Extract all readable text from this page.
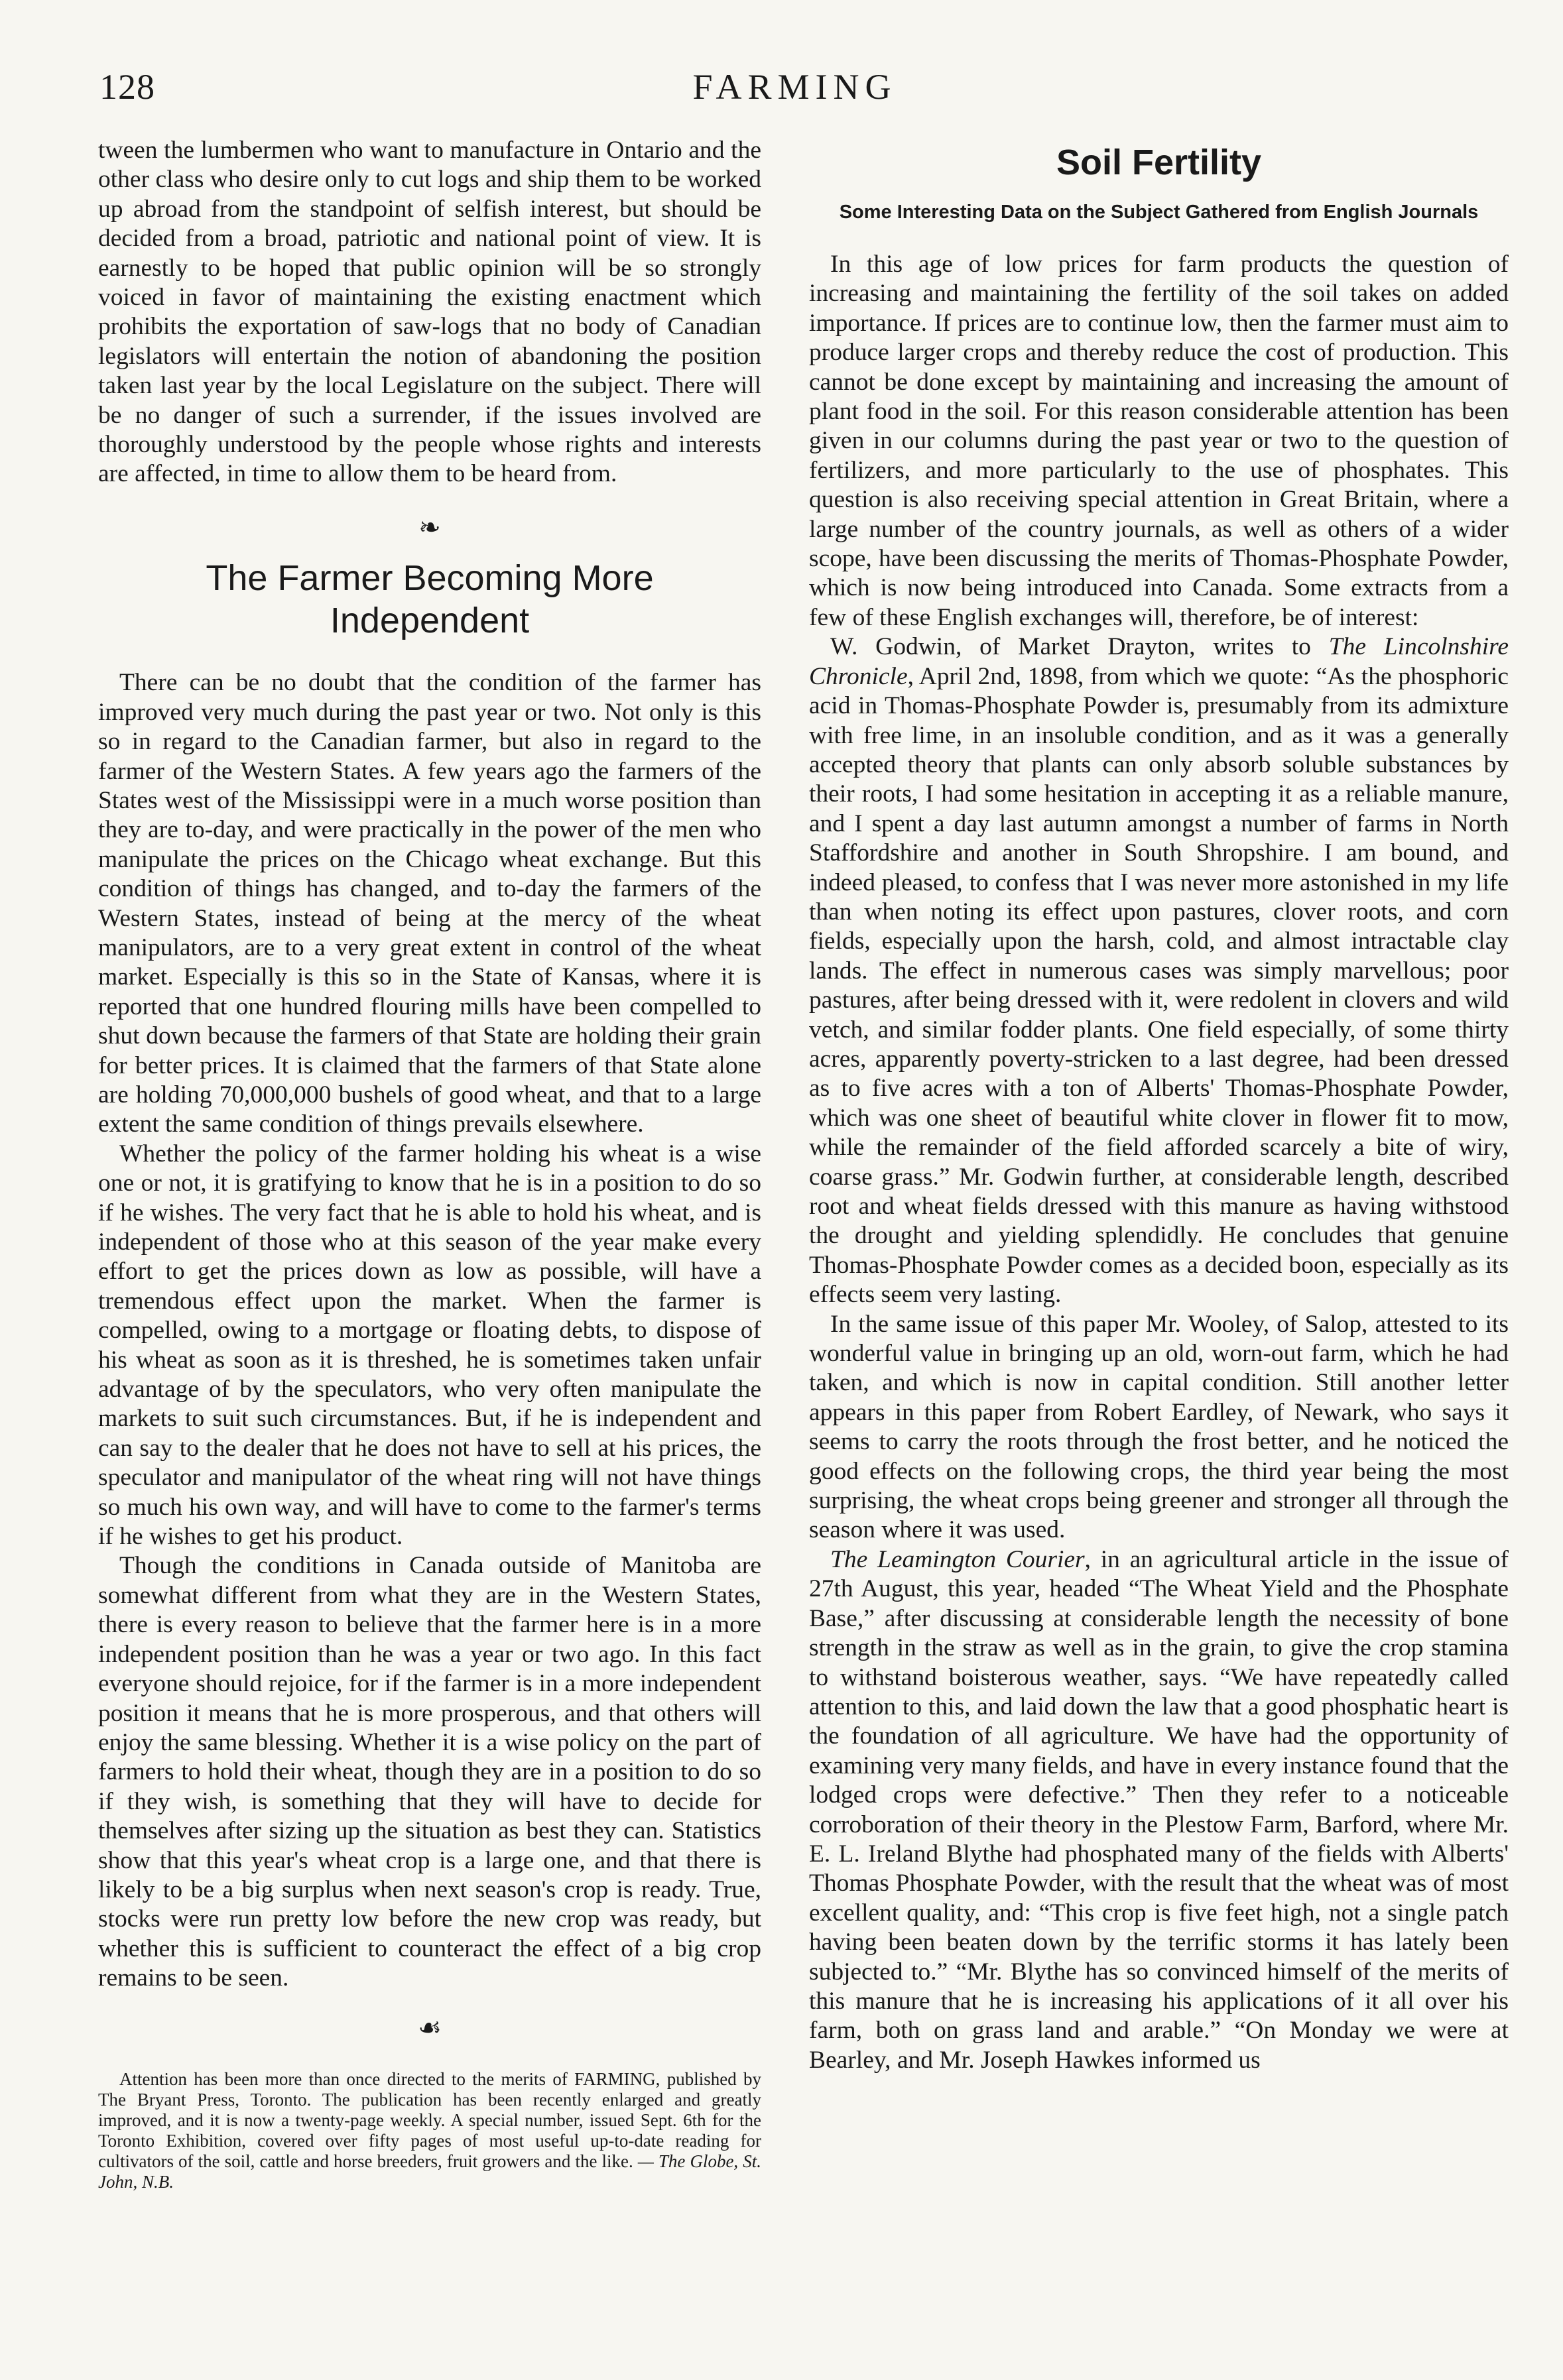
128	FARMING

tween the lumbermen who want to manufacture in Ontario and the other class who desire only to cut logs and ship them to be worked up abroad from the standpoint of selfish interest, but should be decided from a broad, patriotic and national point of view. It is earnestly to be hoped that public opinion will be so strongly voiced in favor of maintaining the existing enactment which prohibits the exportation of saw-logs that no body of Canadian legislators will entertain the notion of abandoning the position taken last year by the local Legislature on the subject. There will be no danger of such a surrender, if the issues involved are thoroughly understood by the people whose rights and interests are affected, in time to allow them to be heard from.

❧
The Farmer Becoming More
Independent

There can be no doubt that the condition of the farmer has improved very much during the past year or two. Not only is this so in regard to the Canadian farmer, but also in regard to the farmer of the Western States. A few years ago the farmers of the States west of the Mississippi were in a much worse position than they are to-day, and were practically in the power of the men who manipulate the prices on the Chicago wheat exchange. But this condition of things has changed, and to-day the farmers of the Western States, instead of being at the mercy of the wheat manipulators, are to a very great extent in control of the wheat market. Especially is this so in the State of Kansas, where it is reported that one hundred flouring mills have been compelled to shut down because the farmers of that State are holding their grain for better prices. It is claimed that the farmers of that State alone are holding 70,000,000 bushels of good wheat, and that to a large extent the same condition of things prevails elsewhere.

Whether the policy of the farmer holding his wheat is a wise one or not, it is gratifying to know that he is in a position to do so if he wishes. The very fact that he is able to hold his wheat, and is independent of those who at this season of the year make every effort to get the prices down as low as possible, will have a tremendous effect upon the market. When the farmer is compelled, owing to a mortgage or floating debts, to dispose of his wheat as soon as it is threshed, he is sometimes taken unfair advantage of by the speculators, who very often manipulate the markets to suit such circumstances. But, if he is independent and can say to the dealer that he does not have to sell at his prices, the speculator and manipulator of the wheat ring will not have things so much his own way, and will have to come to the farmer's terms if he wishes to get his product.

Though the conditions in Canada outside of Manitoba are somewhat different from what they are in the Western States, there is every reason to believe that the farmer here is in a more independent position than he was a year or two ago. In this fact everyone should rejoice, for if the farmer is in a more independent position it means that he is more prosperous, and that others will enjoy the same blessing. Whether it is a wise policy on the part of farmers to hold their wheat, though they are in a position to do so if they wish, is something that they will have to decide for themselves after sizing up the situation as best they can. Statistics show that this year's wheat crop is a large one, and that there is likely to be a big surplus when next season's crop is ready. True, stocks were run pretty low before the new crop was ready, but whether this is sufficient to counteract the effect of a big crop remains to be seen.

☙

Attention has been more than once directed to the merits of FARMING, published by The Bryant Press, Toronto. The publication has been recently enlarged and greatly improved, and it is now a twenty-page weekly. A special number, issued Sept. 6th for the Toronto Exhibition, covered over fifty pages of most useful up-to-date reading for cultivators of the soil, cattle and horse breeders, fruit growers and the like. — The Globe, St. John, N.B.

Soil Fertility
Some Interesting Data on the Subject Gathered from English Journals

In this age of low prices for farm products the question of increasing and maintaining the fertility of the soil takes on added importance. If prices are to continue low, then the farmer must aim to produce larger crops and thereby reduce the cost of production. This cannot be done except by maintaining and increasing the amount of plant food in the soil. For this reason considerable attention has been given in our columns during the past year or two to the question of fertilizers, and more particularly to the use of phosphates. This question is also receiving special attention in Great Britain, where a large number of the country journals, as well as others of a wider scope, have been discussing the merits of Thomas-Phosphate Powder, which is now being introduced into Canada. Some extracts from a few of these English exchanges will, therefore, be of interest:

W. Godwin, of Market Drayton, writes to The Lincolnshire Chronicle, April 2nd, 1898, from which we quote: “As the phosphoric acid in Thomas-Phosphate Powder is, presumably from its admixture with free lime, in an insoluble condition, and as it was a generally accepted theory that plants can only absorb soluble substances by their roots, I had some hesitation in accepting it as a reliable manure, and I spent a day last autumn amongst a number of farms in North Staffordshire and another in South Shropshire. I am bound, and indeed pleased, to confess that I was never more astonished in my life than when noting its effect upon pastures, clover roots, and corn fields, especially upon the harsh, cold, and almost intractable clay lands. The effect in numerous cases was simply marvellous; poor pastures, after being dressed with it, were redolent in clovers and wild vetch, and similar fodder plants. One field especially, of some thirty acres, apparently poverty-stricken to a last degree, had been dressed as to five acres with a ton of Alberts' Thomas-Phosphate Powder, which was one sheet of beautiful white clover in flower fit to mow, while the remainder of the field afforded scarcely a bite of wiry, coarse grass.” Mr. Godwin further, at considerable length, described root and wheat fields dressed with this manure as having withstood the drought and yielding splendidly. He concludes that genuine Thomas-Phosphate Powder comes as a decided boon, especially as its effects seem very lasting.

In the same issue of this paper Mr. Wooley, of Salop, attested to its wonderful value in bringing up an old, worn-out farm, which he had taken, and which is now in capital condition. Still another letter appears in this paper from Robert Eardley, of Newark, who says it seems to carry the roots through the frost better, and he noticed the good effects on the following crops, the third year being the most surprising, the wheat crops being greener and stronger all through the season where it was used.

The Leamington Courier, in an agricultural article in the issue of 27th August, this year, headed “The Wheat Yield and the Phosphate Base,” after discussing at considerable length the necessity of bone strength in the straw as well as in the grain, to give the crop stamina to withstand boisterous weather, says. “We have repeatedly called attention to this, and laid down the law that a good phosphatic heart is the foundation of all agriculture. We have had the opportunity of examining very many fields, and have in every instance found that the lodged crops were defective.” Then they refer to a noticeable corroboration of their theory in the Plestow Farm, Barford, where Mr. E. L. Ireland Blythe had phosphated many of the fields with Alberts' Thomas Phosphate Powder, with the result that the wheat was of most excellent quality, and: “This crop is five feet high, not a single patch having been beaten down by the terrific storms it has lately been subjected to.” “Mr. Blythe has so convinced himself of the merits of this manure that he is increasing his applications of it all over his farm, both on grass land and arable.” “On Monday we were at Bearley, and Mr. Joseph Hawkes informed us
